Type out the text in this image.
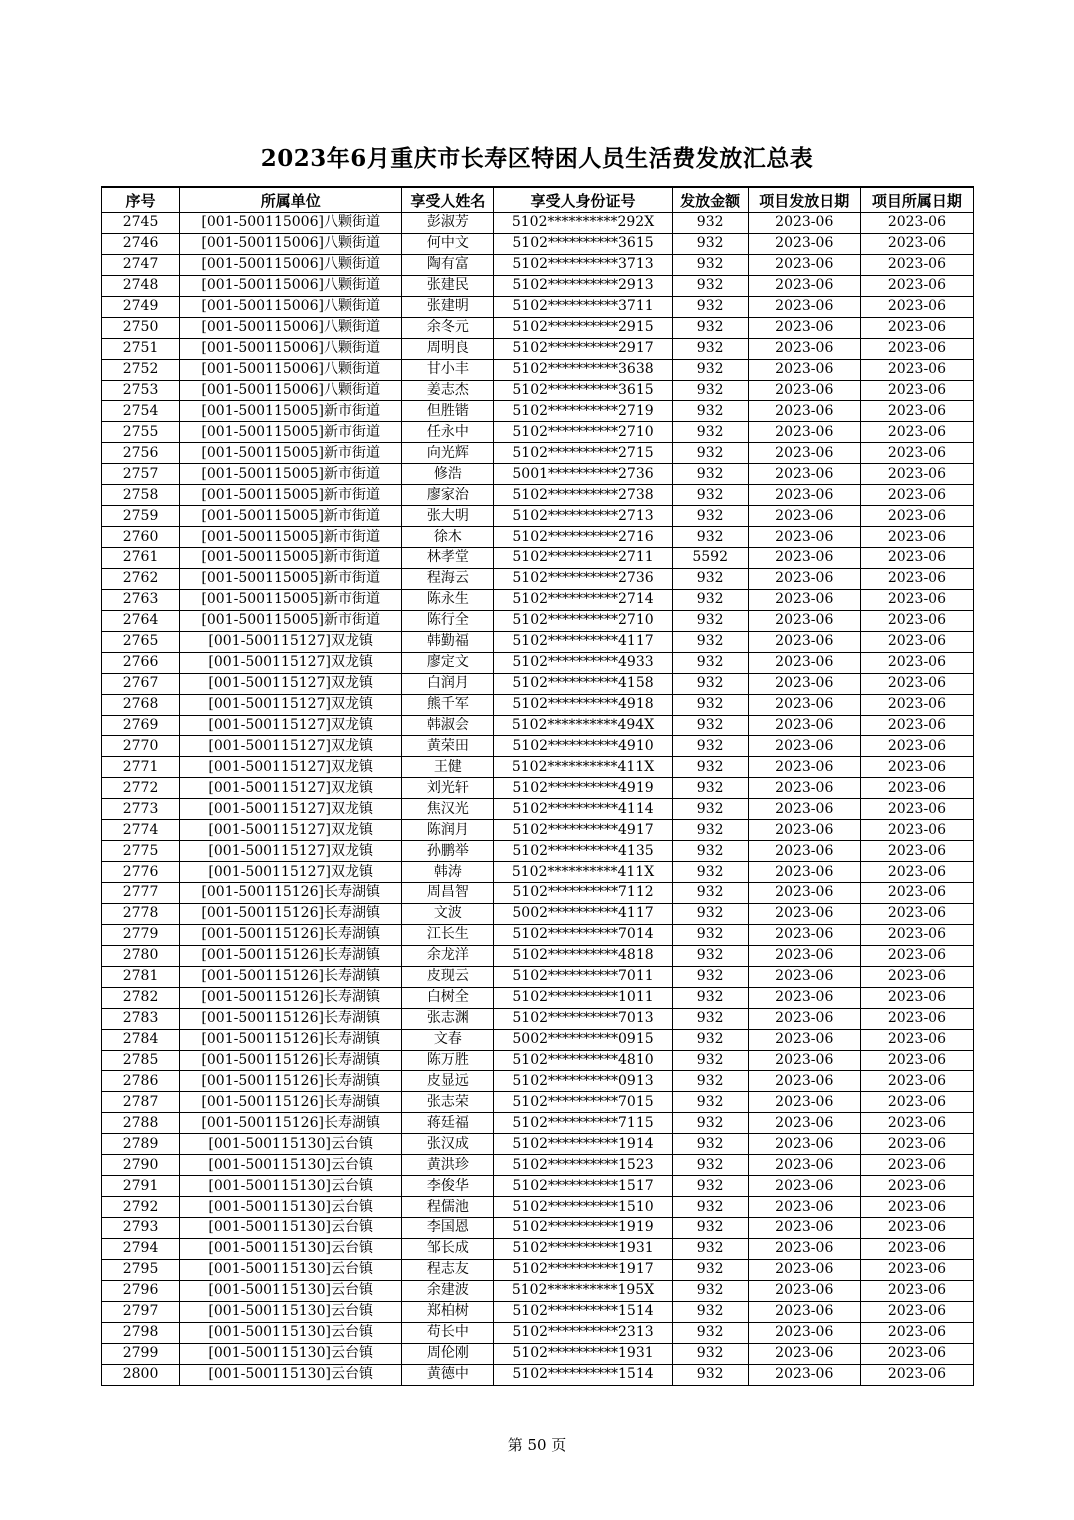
2023年6月重庆市长寿区特困人员生活费发放汇总表
序号	所属单位	享受人姓名	享受人身份证号	发放金额	项目发放日期	项目所属日期
2745	[001-500115006]八颗街道	彭淑芳	5102**********292X	932	2023-06	2023-06
2746	[001-500115006]八颗街道	何中文	5102**********3615	932	2023-06	2023-06
2747	[001-500115006]八颗街道	陶有富	5102**********3713	932	2023-06	2023-06
2748	[001-500115006]八颗街道	张建民	5102**********2913	932	2023-06	2023-06
2749	[001-500115006]八颗街道	张建明	5102**********3711	932	2023-06	2023-06
2750	[001-500115006]八颗街道	余冬元	5102**********2915	932	2023-06	2023-06
2751	[001-500115006]八颗街道	周明良	5102**********2917	932	2023-06	2023-06
2752	[001-500115006]八颗街道	甘小丰	5102**********3638	932	2023-06	2023-06
2753	[001-500115006]八颗街道	姜志杰	5102**********3615	932	2023-06	2023-06
2754	[001-500115005]新市街道	但胜锴	5102**********2719	932	2023-06	2023-06
2755	[001-500115005]新市街道	任永中	5102**********2710	932	2023-06	2023-06
2756	[001-500115005]新市街道	向光辉	5102**********2715	932	2023-06	2023-06
2757	[001-500115005]新市街道	修浩	5001**********2736	932	2023-06	2023-06
2758	[001-500115005]新市街道	廖家治	5102**********2738	932	2023-06	2023-06
2759	[001-500115005]新市街道	张大明	5102**********2713	932	2023-06	2023-06
2760	[001-500115005]新市街道	徐木	5102**********2716	932	2023-06	2023-06
2761	[001-500115005]新市街道	林孝堂	5102**********2711	5592	2023-06	2023-06
2762	[001-500115005]新市街道	程海云	5102**********2736	932	2023-06	2023-06
2763	[001-500115005]新市街道	陈永生	5102**********2714	932	2023-06	2023-06
2764	[001-500115005]新市街道	陈行全	5102**********2710	932	2023-06	2023-06
2765	[001-500115127]双龙镇	韩勤福	5102**********4117	932	2023-06	2023-06
2766	[001-500115127]双龙镇	廖定文	5102**********4933	932	2023-06	2023-06
2767	[001-500115127]双龙镇	白润月	5102**********4158	932	2023-06	2023-06
2768	[001-500115127]双龙镇	熊千军	5102**********4918	932	2023-06	2023-06
2769	[001-500115127]双龙镇	韩淑会	5102**********494X	932	2023-06	2023-06
2770	[001-500115127]双龙镇	黄荣田	5102**********4910	932	2023-06	2023-06
2771	[001-500115127]双龙镇	王健	5102**********411X	932	2023-06	2023-06
2772	[001-500115127]双龙镇	刘光轩	5102**********4919	932	2023-06	2023-06
2773	[001-500115127]双龙镇	焦汉光	5102**********4114	932	2023-06	2023-06
2774	[001-500115127]双龙镇	陈润月	5102**********4917	932	2023-06	2023-06
2775	[001-500115127]双龙镇	孙鹏举	5102**********4135	932	2023-06	2023-06
2776	[001-500115127]双龙镇	韩涛	5102**********411X	932	2023-06	2023-06
2777	[001-500115126]长寿湖镇	周昌智	5102**********7112	932	2023-06	2023-06
2778	[001-500115126]长寿湖镇	文波	5002**********4117	932	2023-06	2023-06
2779	[001-500115126]长寿湖镇	江长生	5102**********7014	932	2023-06	2023-06
2780	[001-500115126]长寿湖镇	余龙洋	5102**********4818	932	2023-06	2023-06
2781	[001-500115126]长寿湖镇	皮现云	5102**********7011	932	2023-06	2023-06
2782	[001-500115126]长寿湖镇	白树全	5102**********1011	932	2023-06	2023-06
2783	[001-500115126]长寿湖镇	张志渊	5102**********7013	932	2023-06	2023-06
2784	[001-500115126]长寿湖镇	文春	5002**********0915	932	2023-06	2023-06
2785	[001-500115126]长寿湖镇	陈万胜	5102**********4810	932	2023-06	2023-06
2786	[001-500115126]长寿湖镇	皮显远	5102**********0913	932	2023-06	2023-06
2787	[001-500115126]长寿湖镇	张志荣	5102**********7015	932	2023-06	2023-06
2788	[001-500115126]长寿湖镇	蒋廷福	5102**********7115	932	2023-06	2023-06
2789	[001-500115130]云台镇	张汉成	5102**********1914	932	2023-06	2023-06
2790	[001-500115130]云台镇	黄洪珍	5102**********1523	932	2023-06	2023-06
2791	[001-500115130]云台镇	李俊华	5102**********1517	932	2023-06	2023-06
2792	[001-500115130]云台镇	程儒池	5102**********1510	932	2023-06	2023-06
2793	[001-500115130]云台镇	李国恩	5102**********1919	932	2023-06	2023-06
2794	[001-500115130]云台镇	邹长成	5102**********1931	932	2023-06	2023-06
2795	[001-500115130]云台镇	程志友	5102**********1917	932	2023-06	2023-06
2796	[001-500115130]云台镇	余建波	5102**********195X	932	2023-06	2023-06
2797	[001-500115130]云台镇	郑柏树	5102**********1514	932	2023-06	2023-06
2798	[001-500115130]云台镇	苟长中	5102**********2313	932	2023-06	2023-06
2799	[001-500115130]云台镇	周伦刚	5102**********1931	932	2023-06	2023-06
2800	[001-500115130]云台镇	黄德中	5102**********1514	932	2023-06	2023-06
第 50 页
